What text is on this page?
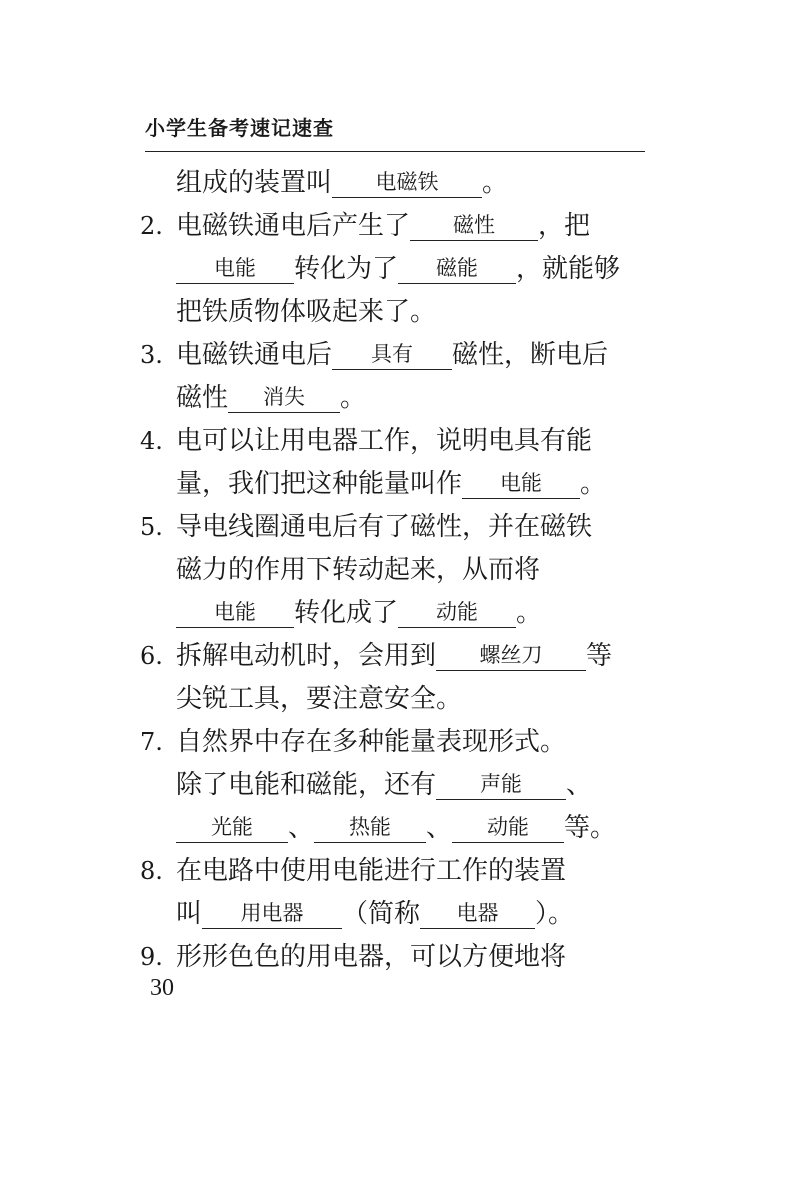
小学生备考速记速查
组成的装置叫 电磁铁 。
2. 电磁铁通电后产生了 磁性 ，把
电能 转化为了 磁能 ，就能够
把铁质物体吸起来了。
3. 电磁铁通电后 具有 磁性，断电后
磁性 消失 。
4. 电可以让用电器工作，说明电具有能
量，我们把这种能量叫作 电能 。
5. 导电线圈通电后有了磁性，并在磁铁
磁力的作用下转动起来，从而将
电能 转化成了 动能 。
6. 拆解电动机时，会用到 螺丝刀 等
尖锐工具，要注意安全。
7. 自然界中存在多种能量表现形式。
除了电能和磁能，还有 声能 、
光能 、 热能 、 动能 等。
8. 在电路中使用电能进行工作的装置
叫 用电器 （简称 电器 ）。
9. 形形色色的用电器，可以方便地将
30
